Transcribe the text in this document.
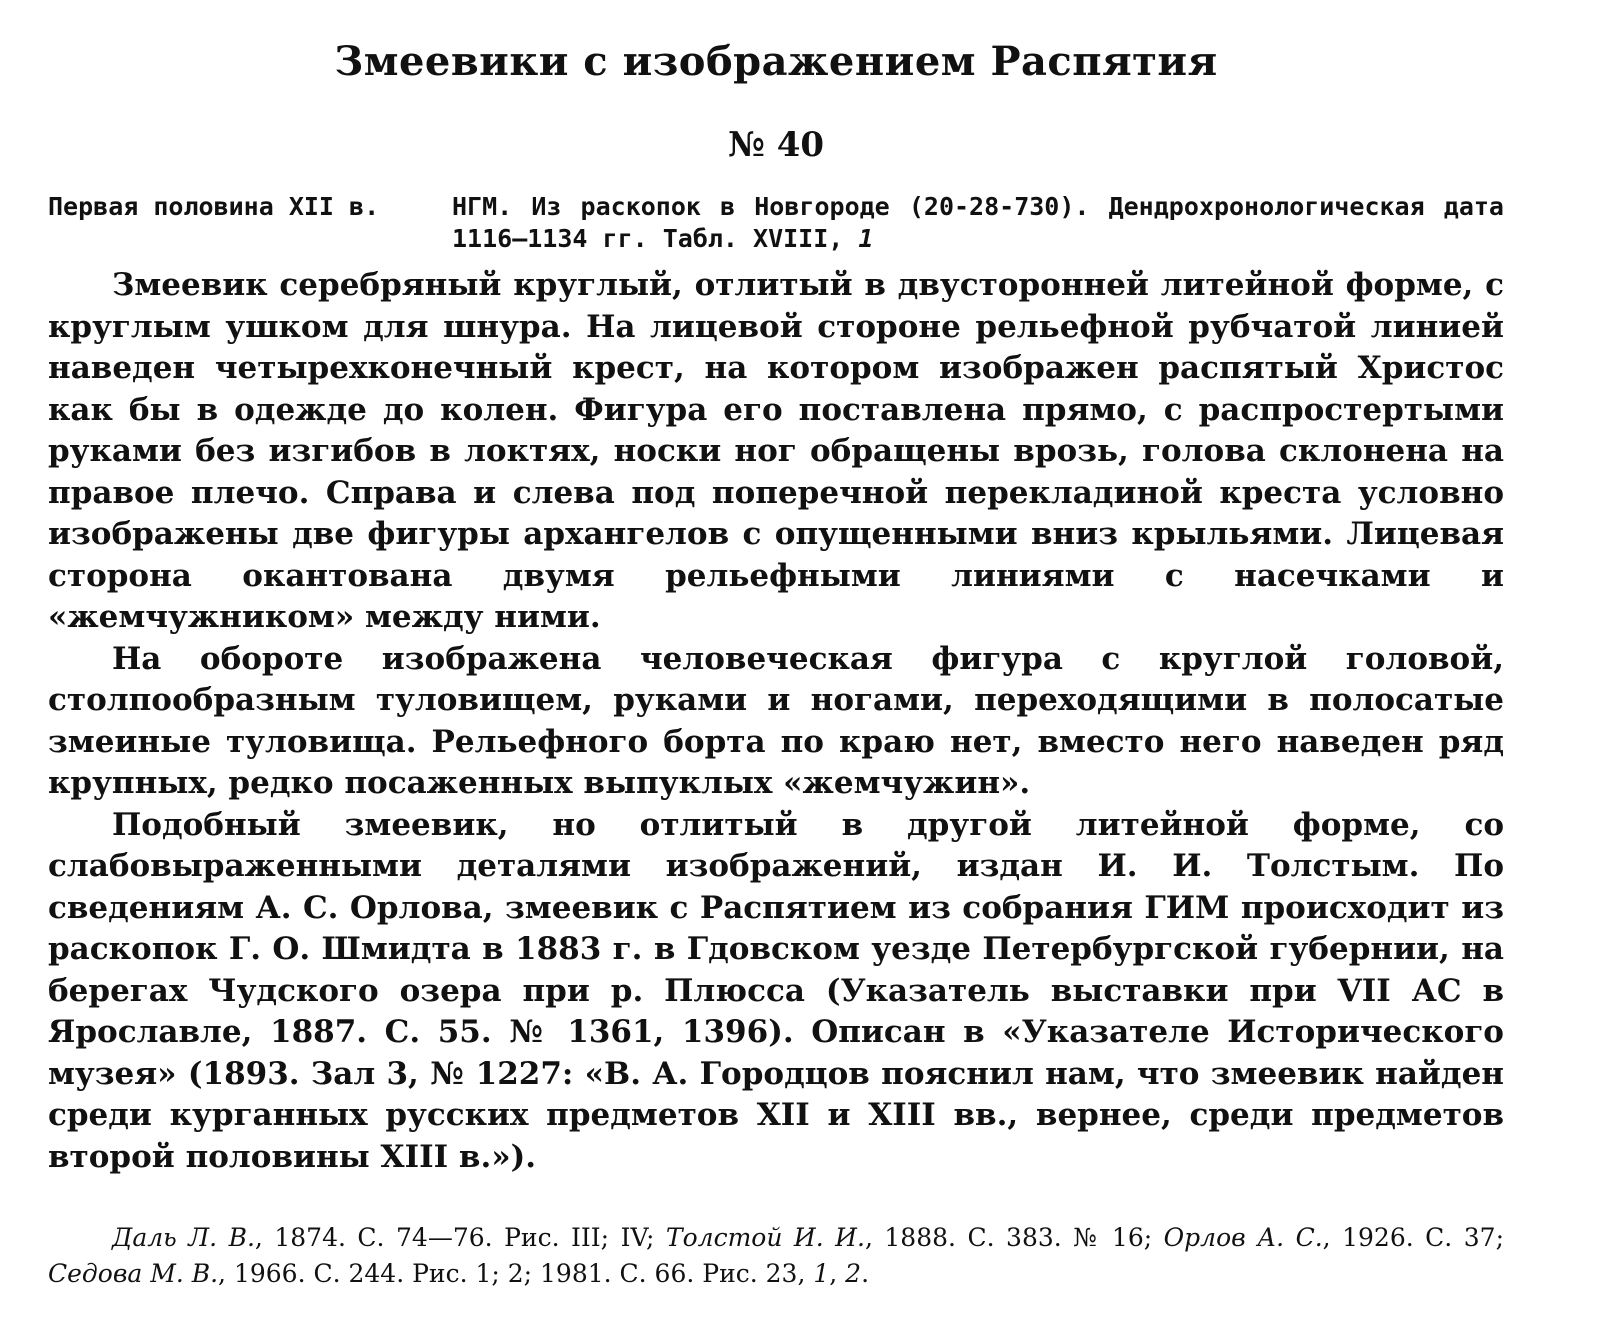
Змеевики с изображением Распятия
№ 40
Первая половина XII в.	НГМ. Из раскопок в Новгороде (20-28-730). Дендрохронологическая дата 1116—1134 гг. Табл. XVIII, 1

Змеевик серебряный круглый, отлитый в двусторонней литейной форме, с круглым ушком для шнура. На лицевой стороне рельефной рубчатой линией наведен четырехконечный крест, на котором изображен распятый Христос как бы в одежде до колен. Фигура его поставлена прямо, с распростертыми руками без изгибов в локтях, носки ног обращены врозь, голова склонена на правое плечо. Справа и слева под поперечной перекладиной креста условно изображены две фигуры архангелов с опущенными вниз крыльями. Лицевая сторона окантована двумя рельефными линиями с насечками и «жемчужником» между ними.

На обороте изображена человеческая фигура с круглой головой, столпообразным туловищем, руками и ногами, переходящими в полосатые змеиные туловища. Рельефного борта по краю нет, вместо него наведен ряд крупных, редко посаженных выпуклых «жемчужин».

Подобный змеевик, но отлитый в другой литейной форме, со слабовыраженными деталями изображений, издан И. И. Толстым. По сведениям А. С. Орлова, змеевик с Распятием из собрания ГИМ происходит из раскопок Г. О. Шмидта в 1883 г. в Гдовском уезде Петербургской губернии, на берегах Чудского озера при р. Плюсса (Указатель выставки при VII АС в Ярославле, 1887. С. 55. № 1361, 1396). Описан в «Указателе Исторического музея» (1893. Зал 3, № 1227: «В. А. Городцов пояснил нам, что змеевик найден среди курганных русских предметов XII и XIII вв., вернее, среди предметов второй половины XIII в.»).

Даль Л. В., 1874. С. 74—76. Рис. III; IV; Толстой И. И., 1888. С. 383. № 16; Орлов А. С., 1926. С. 37; Седова М. В., 1966. С. 244. Рис. 1; 2; 1981. С. 66. Рис. 23, 1, 2.
